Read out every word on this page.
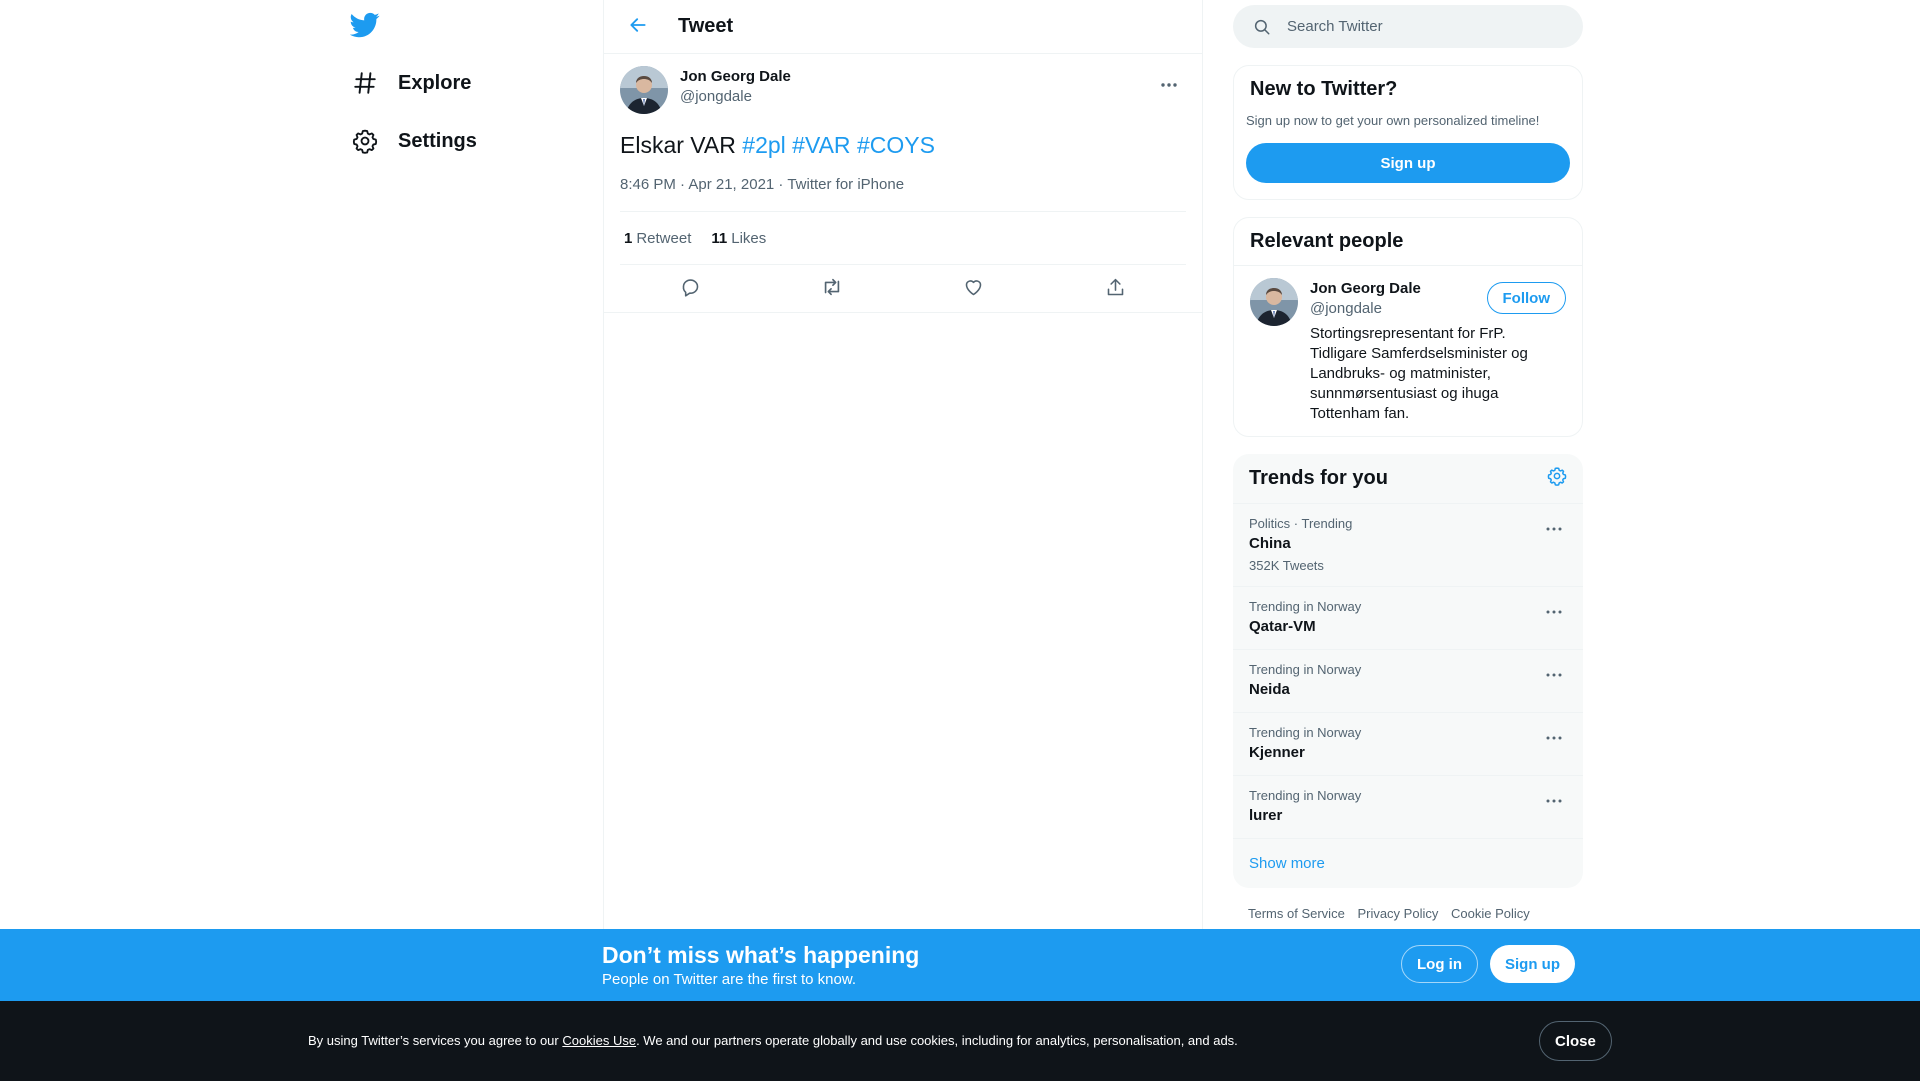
Explore
Settings
Tweet
Jon Georg Dale
@jongdale
Elskar VAR #2pl #VAR #COYS
8:46 PM · Apr 21, 2021 · Twitter for iPhone
1 Retweet 11 Likes
Search Twitter
New to Twitter?
Sign up now to get your own personalized timeline!
Sign up
Relevant people
Jon Georg Dale
@jongdale
Stortingsrepresentant for FrP. Tidligare Samferdselsminister og Landbruks- og matminister, sunnmørsentusiast og ihuga Tottenham fan.
Follow
Trends for you
Politics · Trending
China
352K Tweets
Trending in Norway
Qatar-VM
Trending in Norway
Neida
Trending in Norway
Kjenner
Trending in Norway
lurer
Show more
Terms of Service Privacy Policy Cookie Policy
Don’t miss what’s happening
People on Twitter are the first to know.
Log in	Sign up
By using Twitter’s services you agree to our Cookies Use. We and our partners operate globally and use cookies, including for analytics, personalisation, and ads.	Close
